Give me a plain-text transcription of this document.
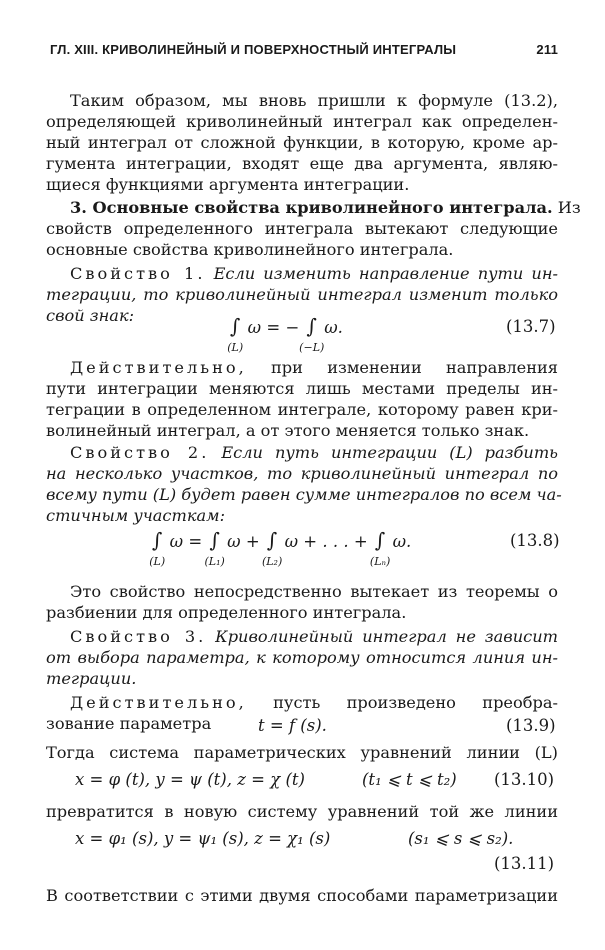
ГЛ. XIII. КРИВОЛИНЕЙНЫЙ И ПОВЕРХНОСТНЫЙ ИНТЕГРАЛЫ	211
Таким образом, мы вновь пришли к формуле (13.2),
определяющей криволинейный интеграл как определен-
ный интеграл от сложной функции, в которую, кроме ар-
гумента интеграции, входят еще два аргумента, являю-
щиеся функциями аргумента интеграции.
3. Основные свойства криволинейного интеграла. Из
свойств определенного интеграла вытекают следующие
основные свойства криволинейного интеграла.
Свойство 1. Если изменить направление пути ин-
теграции, то криволинейный интеграл изменит только
свой знак:	∫
(L)
ω = − ∫
(−L)
ω.	(13.7)
Действительно, при изменении направления
пути интеграции меняются лишь местами пределы ин-
теграции в определенном интеграле, которому равен кри-
волинейный интеграл, а от этого меняется только знак.
Свойство 2. Если путь интеграции (L) разбить
на несколько участков, то криволинейный интеграл по
всему пути (L) будет равен сумме интегралов по всем ча-
стичным участкам:
∫
(L)
ω = ∫
(L₁)
ω + ∫
(L₂)
ω + . . . + ∫
(Lₙ)
ω.	(13.8)
Это свойство непосредственно вытекает из теоремы о
разбиении для определенного интеграла.
Свойство 3. Криволинейный интеграл не зависит
от выбора параметра, к которому относится линия ин-
теграции.
Действительно, пусть произведено преобра-
зование параметра	t = f (s).	(13.9)
Тогда система параметрических уравнений линии (L)
x = φ (t), y = ψ (t), z = χ (t)	(t₁ ⩽ t ⩽ t₂) (13.10)
превратится в новую систему уравнений той же линии
x = φ₁ (s), y = ψ₁ (s), z = χ₁ (s)	(s₁ ⩽ s ⩽ s₂).
(13.11)
В соответствии с этими двумя способами параметризации
